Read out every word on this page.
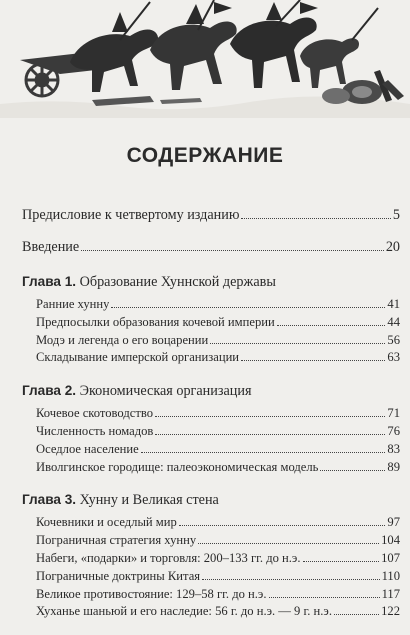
СОДЕРЖАНИЕ
Предисловие к четвертому изданию	5
Введение	20
Глава 1.
Образование Хуннской державы
Ранние хунну	41
Предпосылки образования кочевой империи	44
Модэ и легенда о его воцарении	56
Складывание имперской организации	63
Глава 2.
Экономическая организация
Кочевое скотоводство	71
Численность номадов	76
Оседлое население	83
Иволгинское городище: палеоэкономическая модель	89
Глава 3.
Хунну и Великая стена
Кочевники и оседлый мир	97
Пограничная стратегия хунну	104
Набеги, «подарки» и торговля: 200–133 гг. до н.э.	107
Пограничные доктрины Китая	110
Великое противостояние: 129–58 гг. до н.э.	117
Хуханье шаньюй и его наследие: 56 г. до н.э. — 9 г. н.э.	122
